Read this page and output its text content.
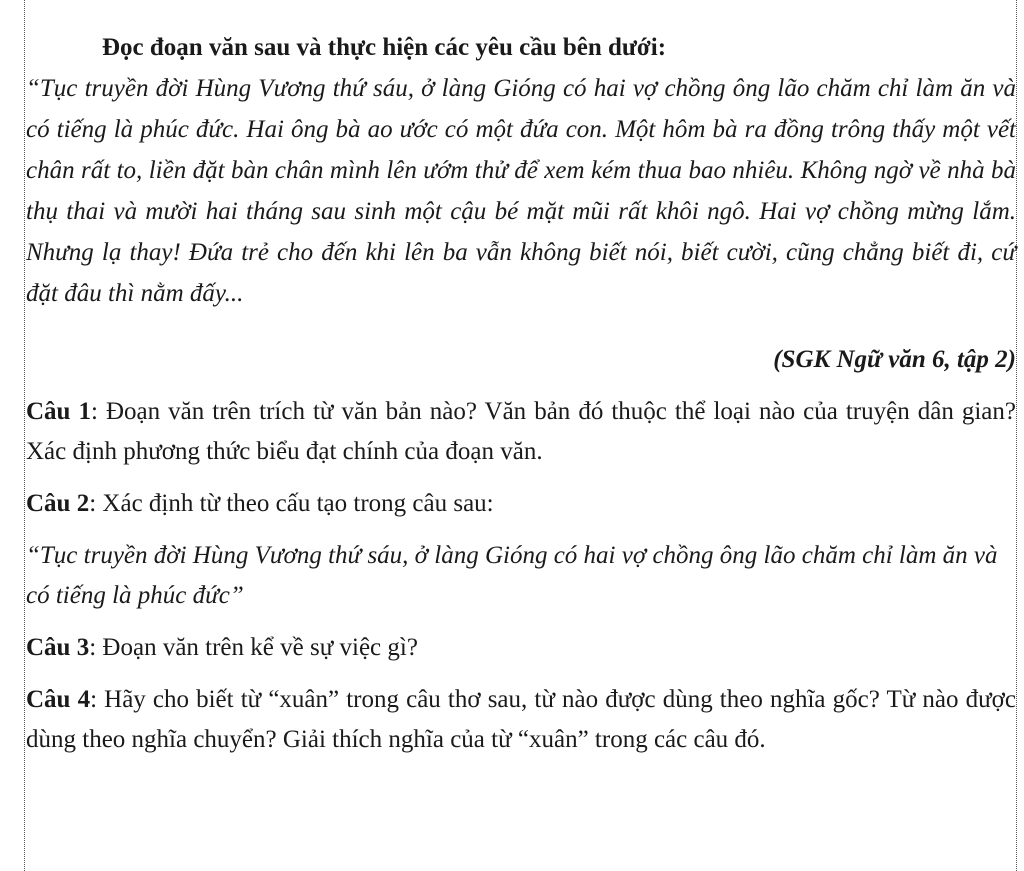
Đọc đoạn văn sau và thực hiện các yêu cầu bên dưới:

“Tục truyền đời Hùng Vương thứ sáu, ở làng Gióng có hai vợ chồng ông lão chăm chỉ làm ăn và có tiếng là phúc đức. Hai ông bà ao ước có một đứa con. Một hôm bà ra đồng trông thấy một vết chân rất to, liền đặt bàn chân mình lên ướm thử để xem kém thua bao nhiêu. Không ngờ về nhà bà thụ thai và mười hai tháng sau sinh một cậu bé mặt mũi rất khôi ngô. Hai vợ chồng mừng lắm. Nhưng lạ thay! Đứa trẻ cho đến khi lên ba vẫn không biết nói, biết cười, cũng chẳng biết đi, cứ đặt đâu thì nằm đấy...

(SGK Ngữ văn 6, tập 2)

Câu 1: Đoạn văn trên trích từ văn bản nào? Văn bản đó thuộc thể loại nào của truyện dân gian? Xác định phương thức biểu đạt chính của đoạn văn.

Câu 2: Xác định từ theo cấu tạo trong câu sau:

“Tục truyền đời Hùng Vương thứ sáu, ở làng Gióng có hai vợ chồng ông lão chăm chỉ làm ăn và có tiếng là phúc đức”

Câu 3: Đoạn văn trên kể về sự việc gì?

Câu 4: Hãy cho biết từ “xuân” trong câu thơ sau, từ nào được dùng theo nghĩa gốc? Từ nào được dùng theo nghĩa chuyển? Giải thích nghĩa của từ “xuân” trong các câu đó.
